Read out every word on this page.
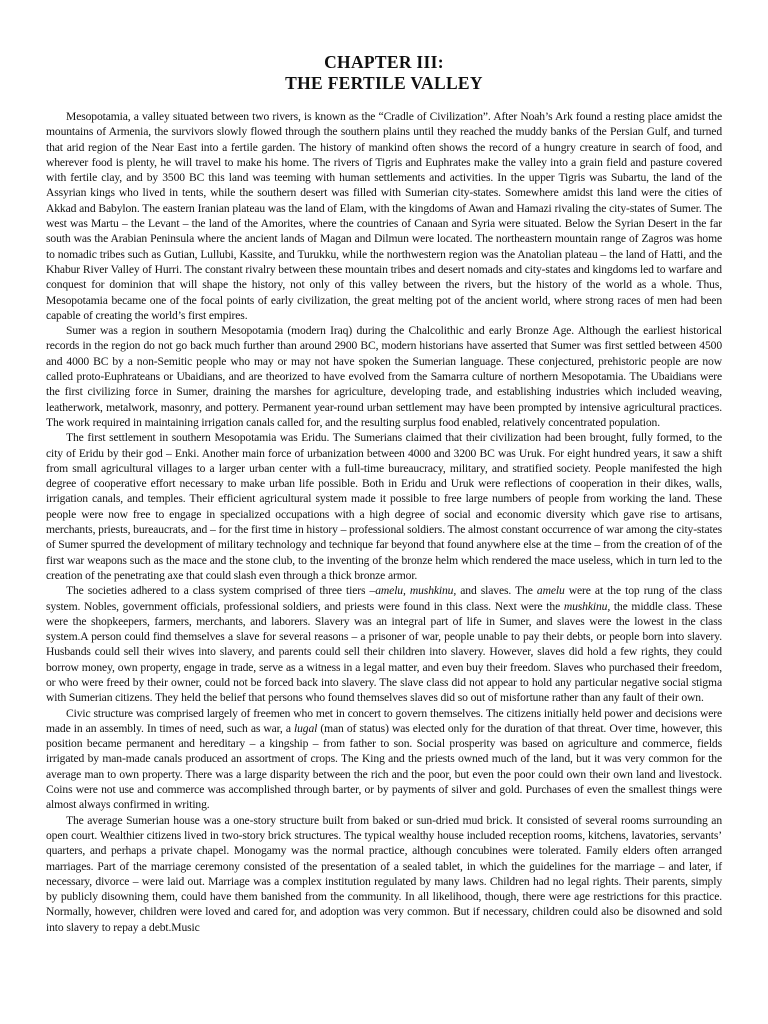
CHAPTER III:
THE FERTILE VALLEY

Mesopotamia, a valley situated between two rivers, is known as the “Cradle of Civilization”. After Noah’s Ark found a resting place amidst the mountains of Armenia, the survivors slowly flowed through the southern plains until they reached the muddy banks of the Persian Gulf, and turned that arid region of the Near East into a fertile garden. The history of mankind often shows the record of a hungry creature in search of food, and wherever food is plenty, he will travel to make his home. The rivers of Tigris and Euphrates make the valley into a grain field and pasture covered with fertile clay, and by 3500 BC this land was teeming with human settlements and activities. In the upper Tigris was Subartu, the land of the Assyrian kings who lived in tents, while the southern desert was filled with Sumerian city-states. Somewhere amidst this land were the cities of Akkad and Babylon. The eastern Iranian plateau was the land of Elam, with the kingdoms of Awan and Hamazi rivaling the city-states of Sumer. The west was Martu – the Levant – the land of the Amorites, where the countries of Canaan and Syria were situated. Below the Syrian Desert in the far south was the Arabian Peninsula where the ancient lands of Magan and Dilmun were located. The northeastern mountain range of Zagros was home to nomadic tribes such as Gutian, Lullubi, Kassite, and Turukku, while the northwestern region was the Anatolian plateau – the land of Hatti, and the Khabur River Valley of Hurri. The constant rivalry between these mountain tribes and desert nomads and city-states and kingdoms led to warfare and conquest for dominion that will shape the history, not only of this valley between the rivers, but the history of the world as a whole. Thus, Mesopotamia became one of the focal points of early civilization, the great melting pot of the ancient world, where strong races of men had been capable of creating the world’s first empires.

Sumer was a region in southern Mesopotamia (modern Iraq) during the Chalcolithic and early Bronze Age. Although the earliest historical records in the region do not go back much further than around 2900 BC, modern historians have asserted that Sumer was first settled between 4500 and 4000 BC by a non-Semitic people who may or may not have spoken the Sumerian language. These conjectured, prehistoric people are now called proto-Euphrateans or Ubaidians, and are theorized to have evolved from the Samarra culture of northern Mesopotamia. The Ubaidians were the first civilizing force in Sumer, draining the marshes for agriculture, developing trade, and establishing industries which included weaving, leatherwork, metalwork, masonry, and pottery. Permanent year-round urban settlement may have been prompted by intensive agricultural practices. The work required in maintaining irrigation canals called for, and the resulting surplus food enabled, relatively concentrated population.

The first settlement in southern Mesopotamia was Eridu. The Sumerians claimed that their civilization had been brought, fully formed, to the city of Eridu by their god – Enki. Another main force of urbanization between 4000 and 3200 BC was Uruk. For eight hundred years, it saw a shift from small agricultural villages to a larger urban center with a full-time bureaucracy, military, and stratified society. People manifested the high degree of cooperative effort necessary to make urban life possible. Both in Eridu and Uruk were reflections of cooperation in their dikes, walls, irrigation canals, and temples. Their efficient agricultural system made it possible to free large numbers of people from working the land. These people were now free to engage in specialized occupations with a high degree of social and economic diversity which gave rise to artisans, merchants, priests, bureaucrats, and – for the first time in history – professional soldiers. The almost constant occurrence of war among the city-states of Sumer spurred the development of military technology and technique far beyond that found anywhere else at the time – from the creation of of the first war weapons such as the mace and the stone club, to the inventing of the bronze helm which rendered the mace useless, which in turn led to the creation of the penetrating axe that could slash even through a thick bronze armor.

The societies adhered to a class system comprised of three tiers –amelu, mushkinu, and slaves. The amelu were at the top rung of the class system. Nobles, government officials, professional soldiers, and priests were found in this class. Next were the mushkinu, the middle class. These were the shopkeepers, farmers, merchants, and laborers. Slavery was an integral part of life in Sumer, and slaves were the lowest in the class system.A person could find themselves a slave for several reasons – a prisoner of war, people unable to pay their debts, or people born into slavery. Husbands could sell their wives into slavery, and parents could sell their children into slavery. However, slaves did hold a few rights, they could borrow money, own property, engage in trade, serve as a witness in a legal matter, and even buy their freedom. Slaves who purchased their freedom, or who were freed by their owner, could not be forced back into slavery. The slave class did not appear to hold any particular negative social stigma with Sumerian citizens. They held the belief that persons who found themselves slaves did so out of misfortune rather than any fault of their own.

Civic structure was comprised largely of freemen who met in concert to govern themselves. The citizens initially held power and decisions were made in an assembly. In times of need, such as war, a lugal (man of status) was elected only for the duration of that threat. Over time, however, this position became permanent and hereditary – a kingship – from father to son. Social prosperity was based on agriculture and commerce, fields irrigated by man-made canals produced an assortment of crops. The King and the priests owned much of the land, but it was very common for the average man to own property. There was a large disparity between the rich and the poor, but even the poor could own their own land and livestock. Coins were not use and commerce was accomplished through barter, or by payments of silver and gold. Purchases of even the smallest things were almost always confirmed in writing.

The average Sumerian house was a one-story structure built from baked or sun-dried mud brick. It consisted of several rooms surrounding an open court. Wealthier citizens lived in two-story brick structures. The typical wealthy house included reception rooms, kitchens, lavatories, servants’ quarters, and perhaps a private chapel. Monogamy was the normal practice, although concubines were tolerated. Family elders often arranged marriages. Part of the marriage ceremony consisted of the presentation of a sealed tablet, in which the guidelines for the marriage – and later, if necessary, divorce – were laid out. Marriage was a complex institution regulated by many laws. Children had no legal rights. Their parents, simply by publicly disowning them, could have them banished from the community. In all likelihood, though, there were age restrictions for this practice. Normally, however, children were loved and cared for, and adoption was very common. But if necessary, children could also be disowned and sold into slavery to repay a debt.Music
